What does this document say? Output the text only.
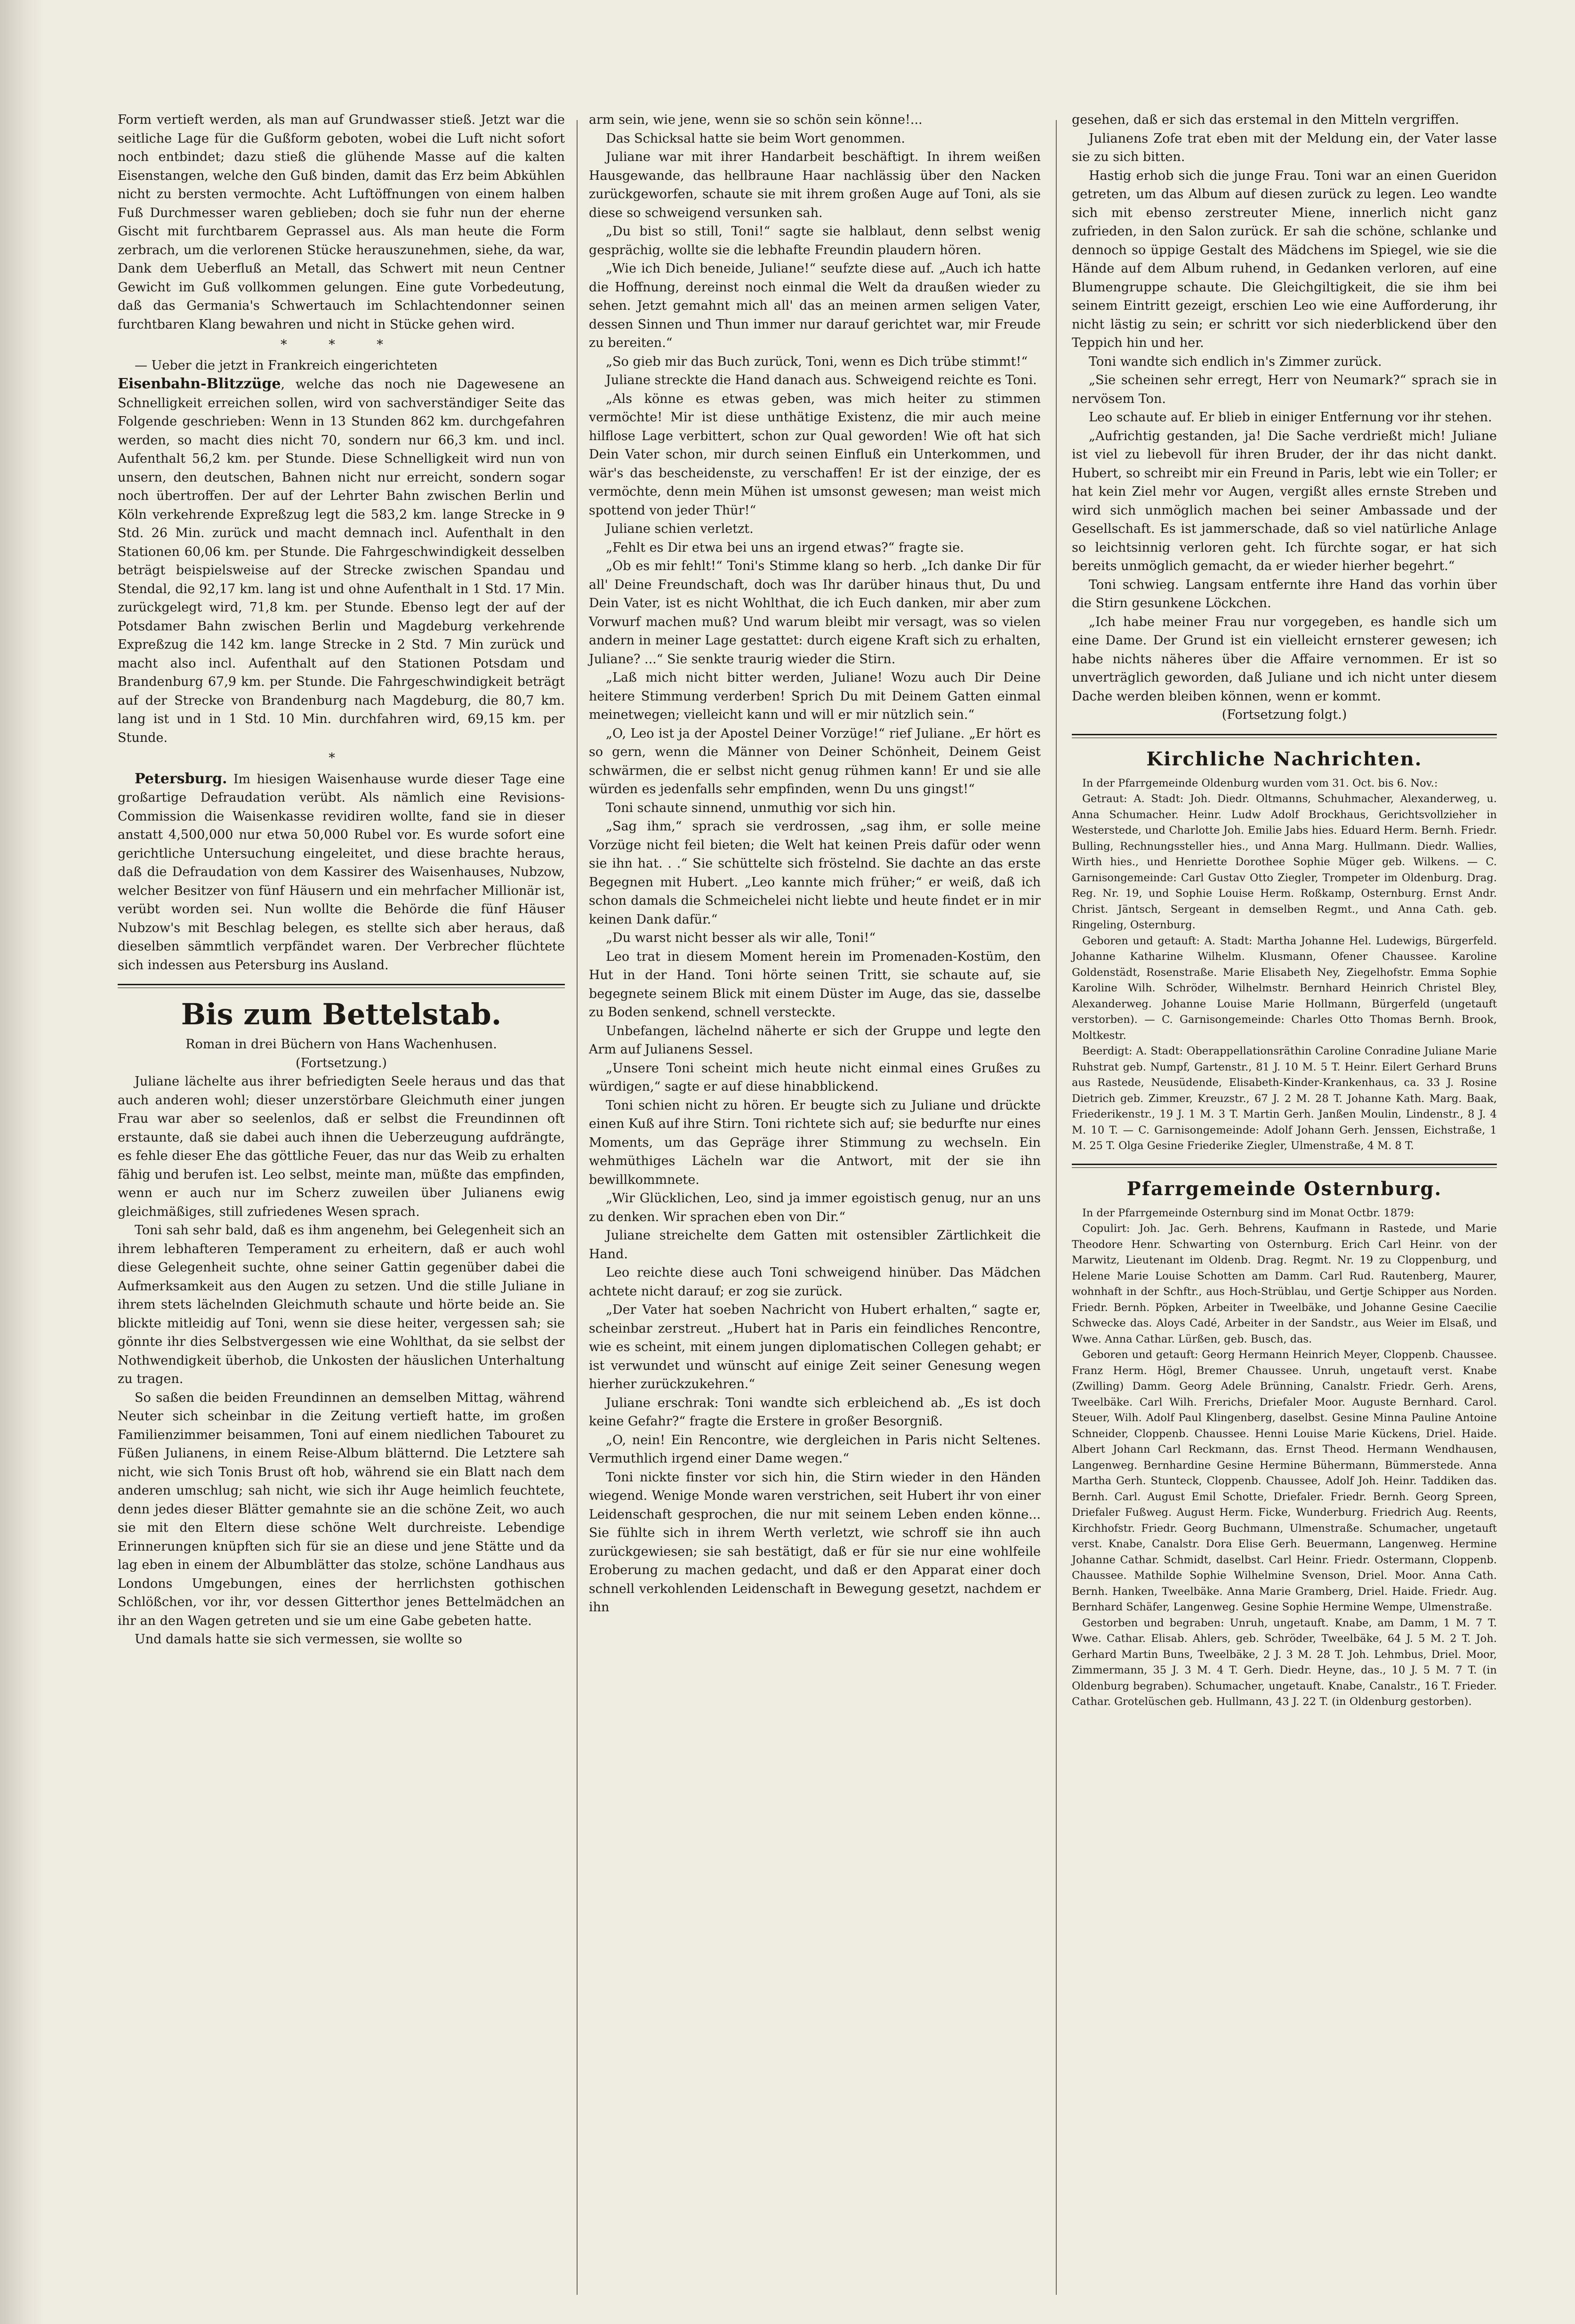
Form vertieft werden, als man auf Grundwasser stieß. Jetzt war die seitliche Lage für die Gußform geboten, wobei die Luft nicht sofort noch entbindet; dazu stieß die glühende Masse auf die kalten Eisenstangen, welche den Guß binden, damit das Erz beim Abkühlen nicht zu bersten vermochte. Acht Luftöffnungen von einem halben Fuß Durchmesser waren geblieben; doch sie fuhr nun der eherne Gischt mit furchtbarem Geprassel aus. Als man heute die Form zerbrach, um die verlorenen Stücke herauszunehmen, siehe, da war, Dank dem Ueberfluß an Metall, das Schwert mit neun Centner Gewicht im Guß vollkommen gelungen. Eine gute Vorbedeutung, daß das Germania's Schwertauch im Schlachtendonner seinen furchtbaren Klang bewahren und nicht in Stücke gehen wird.

* * *

— Ueber die jetzt in Frankreich eingerichteten
Eisenbahn-Blitzzüge, welche das noch nie Dagewesene an Schnelligkeit erreichen sollen, wird von sachverständiger Seite das Folgende geschrieben: Wenn in 13 Stunden 862 km. durchgefahren werden, so macht dies nicht 70, sondern nur 66,3 km. und incl. Aufenthalt 56,2 km. per Stunde. Diese Schnelligkeit wird nun von unsern, den deutschen, Bahnen nicht nur erreicht, sondern sogar noch übertroffen. Der auf der Lehrter Bahn zwischen Berlin und Köln verkehrende Expreßzug legt die 583,2 km. lange Strecke in 9 Std. 26 Min. zurück und macht demnach incl. Aufenthalt in den Stationen 60,06 km. per Stunde. Die Fahrgeschwindigkeit desselben beträgt beispielsweise auf der Strecke zwischen Spandau und Stendal, die 92,17 km. lang ist und ohne Aufenthalt in 1 Std. 17 Min. zurückgelegt wird, 71,8 km. per Stunde. Ebenso legt der auf der Potsdamer Bahn zwischen Berlin und Magdeburg verkehrende Expreßzug die 142 km. lange Strecke in 2 Std. 7 Min zurück und macht also incl. Aufenthalt auf den Stationen Potsdam und Brandenburg 67,9 km. per Stunde. Die Fahrgeschwindigkeit beträgt auf der Strecke von Brandenburg nach Magdeburg, die 80,7 km. lang ist und in 1 Std. 10 Min. durchfahren wird, 69,15 km. per Stunde.

*

Petersburg. Im hiesigen Waisenhause wurde dieser Tage eine großartige Defraudation verübt. Als nämlich eine Revisions-Commission die Waisenkasse revidiren wollte, fand sie in dieser anstatt 4,500,000 nur etwa 50,000 Rubel vor. Es wurde sofort eine gerichtliche Untersuchung eingeleitet, und diese brachte heraus, daß die Defraudation von dem Kassirer des Waisenhauses, Nubzow, welcher Besitzer von fünf Häusern und ein mehrfacher Millionär ist, verübt worden sei. Nun wollte die Behörde die fünf Häuser Nubzow's mit Beschlag belegen, es stellte sich aber heraus, daß dieselben sämmtlich verpfändet waren. Der Verbrecher flüchtete sich indessen aus Petersburg ins Ausland.

Bis zum Bettelstab.

Roman in drei Büchern von Hans Wachenhusen.

(Fortsetzung.)

Juliane lächelte aus ihrer befriedigten Seele heraus und das that auch anderen wohl; dieser unzerstörbare Gleichmuth einer jungen Frau war aber so seelenlos, daß er selbst die Freundinnen oft erstaunte, daß sie dabei auch ihnen die Ueberzeugung aufdrängte, es fehle dieser Ehe das göttliche Feuer, das nur das Weib zu erhalten fähig und berufen ist. Leo selbst, meinte man, müßte das empfinden, wenn er auch nur im Scherz zuweilen über Julianens ewig gleichmäßiges, still zufriedenes Wesen sprach.

Toni sah sehr bald, daß es ihm angenehm, bei Gelegenheit sich an ihrem lebhafteren Temperament zu erheitern, daß er auch wohl diese Gelegenheit suchte, ohne seiner Gattin gegenüber dabei die Aufmerksamkeit aus den Augen zu setzen. Und die stille Juliane in ihrem stets lächelnden Gleichmuth schaute und hörte beide an. Sie blickte mitleidig auf Toni, wenn sie diese heiter, vergessen sah; sie gönnte ihr dies Selbstvergessen wie eine Wohlthat, da sie selbst der Nothwendigkeit überhob, die Unkosten der häuslichen Unterhaltung zu tragen.

So saßen die beiden Freundinnen an demselben Mittag, während Neuter sich scheinbar in die Zeitung vertieft hatte, im großen Familienzimmer beisammen, Toni auf einem niedlichen Tabouret zu Füßen Julianens, in einem Reise-Album blätternd. Die Letztere sah nicht, wie sich Tonis Brust oft hob, während sie ein Blatt nach dem anderen umschlug; sah nicht, wie sich ihr Auge heimlich feuchtete, denn jedes dieser Blätter gemahnte sie an die schöne Zeit, wo auch sie mit den Eltern diese schöne Welt durchreiste. Lebendige Erinnerungen knüpften sich für sie an diese und jene Stätte und da lag eben in einem der Albumblätter das stolze, schöne Landhaus aus Londons Umgebungen, eines der herrlichsten gothischen Schlößchen, vor ihr, vor dessen Gitterthor jenes Bettelmädchen an ihr an den Wagen getreten und sie um eine Gabe gebeten hatte.

Und damals hatte sie sich vermessen, sie wollte so

arm sein, wie jene, wenn sie so schön sein könne!...

Das Schicksal hatte sie beim Wort genommen.

Juliane war mit ihrer Handarbeit beschäftigt. In ihrem weißen Hausgewande, das hellbraune Haar nachlässig über den Nacken zurückgeworfen, schaute sie mit ihrem großen Auge auf Toni, als sie diese so schweigend versunken sah.

„Du bist so still, Toni!“ sagte sie halblaut, denn selbst wenig gesprächig, wollte sie die lebhafte Freundin plaudern hören.

„Wie ich Dich beneide, Juliane!“ seufzte diese auf. „Auch ich hatte die Hoffnung, dereinst noch einmal die Welt da draußen wieder zu sehen. Jetzt gemahnt mich all' das an meinen armen seligen Vater, dessen Sinnen und Thun immer nur darauf gerichtet war, mir Freude zu bereiten.“

„So gieb mir das Buch zurück, Toni, wenn es Dich trübe stimmt!“

Juliane streckte die Hand danach aus. Schweigend reichte es Toni.

„Als könne es etwas geben, was mich heiter zu stimmen vermöchte! Mir ist diese unthätige Existenz, die mir auch meine hilflose Lage verbittert, schon zur Qual geworden! Wie oft hat sich Dein Vater schon, mir durch seinen Einfluß ein Unterkommen, und wär's das bescheidenste, zu verschaffen! Er ist der einzige, der es vermöchte, denn mein Mühen ist umsonst gewesen; man weist mich spottend von jeder Thür!“

Juliane schien verletzt.

„Fehlt es Dir etwa bei uns an irgend etwas?“ fragte sie.

„Ob es mir fehlt!“ Toni's Stimme klang so herb. „Ich danke Dir für all' Deine Freundschaft, doch was Ihr darüber hinaus thut, Du und Dein Vater, ist es nicht Wohlthat, die ich Euch danken, mir aber zum Vorwurf machen muß? Und warum bleibt mir versagt, was so vielen andern in meiner Lage gestattet: durch eigene Kraft sich zu erhalten, Juliane? ...“ Sie senkte traurig wieder die Stirn.

„Laß mich nicht bitter werden, Juliane! Wozu auch Dir Deine heitere Stimmung verderben! Sprich Du mit Deinem Gatten einmal meinetwegen; vielleicht kann und will er mir nützlich sein.“

„O, Leo ist ja der Apostel Deiner Vorzüge!“ rief Juliane. „Er hört es so gern, wenn die Männer von Deiner Schönheit, Deinem Geist schwärmen, die er selbst nicht genug rühmen kann! Er und sie alle würden es jedenfalls sehr empfinden, wenn Du uns gingst!“

Toni schaute sinnend, unmuthig vor sich hin.

„Sag ihm,“ sprach sie verdrossen, „sag ihm, er solle meine Vorzüge nicht feil bieten; die Welt hat keinen Preis dafür oder wenn sie ihn hat. . .“ Sie schüttelte sich fröstelnd. Sie dachte an das erste Begegnen mit Hubert. „Leo kannte mich früher;“ er weiß, daß ich schon damals die Schmeichelei nicht liebte und heute findet er in mir keinen Dank dafür.“

„Du warst nicht besser als wir alle, Toni!“

Leo trat in diesem Moment herein im Promenaden-Kostüm, den Hut in der Hand. Toni hörte seinen Tritt, sie schaute auf, sie begegnete seinem Blick mit einem Düster im Auge, das sie, dasselbe zu Boden senkend, schnell versteckte.

Unbefangen, lächelnd näherte er sich der Gruppe und legte den Arm auf Julianens Sessel.

„Unsere Toni scheint mich heute nicht einmal eines Grußes zu würdigen,“ sagte er auf diese hinabblickend.

Toni schien nicht zu hören. Er beugte sich zu Juliane und drückte einen Kuß auf ihre Stirn. Toni richtete sich auf; sie bedurfte nur eines Moments, um das Gepräge ihrer Stimmung zu wechseln. Ein wehmüthiges Lächeln war die Antwort, mit der sie ihn bewillkommnete.

„Wir Glücklichen, Leo, sind ja immer egoistisch genug, nur an uns zu denken. Wir sprachen eben von Dir.“

Juliane streichelte dem Gatten mit ostensibler Zärtlichkeit die Hand.

Leo reichte diese auch Toni schweigend hinüber. Das Mädchen achtete nicht darauf; er zog sie zurück.

„Der Vater hat soeben Nachricht von Hubert erhalten,“ sagte er, scheinbar zerstreut. „Hubert hat in Paris ein feindliches Rencontre, wie es scheint, mit einem jungen diplomatischen Collegen gehabt; er ist verwundet und wünscht auf einige Zeit seiner Genesung wegen hierher zurückzukehren.“

Juliane erschrak: Toni wandte sich erbleichend ab. „Es ist doch keine Gefahr?“ fragte die Erstere in großer Besorgniß.

„O, nein! Ein Rencontre, wie dergleichen in Paris nicht Seltenes. Vermuthlich irgend einer Dame wegen.“

Toni nickte finster vor sich hin, die Stirn wieder in den Händen wiegend. Wenige Monde waren verstrichen, seit Hubert ihr von einer Leidenschaft gesprochen, die nur mit seinem Leben enden könne... Sie fühlte sich in ihrem Werth verletzt, wie schroff sie ihn auch zurückgewiesen; sie sah bestätigt, daß er für sie nur eine wohlfeile Eroberung zu machen gedacht, und daß er den Apparat einer doch schnell verkohlenden Leidenschaft in Bewegung gesetzt, nachdem er ihn

gesehen, daß er sich das erstemal in den Mitteln vergriffen.

Julianens Zofe trat eben mit der Meldung ein, der Vater lasse sie zu sich bitten.

Hastig erhob sich die junge Frau. Toni war an einen Gueridon getreten, um das Album auf diesen zurück zu legen. Leo wandte sich mit ebenso zerstreuter Miene, innerlich nicht ganz zufrieden, in den Salon zurück. Er sah die schöne, schlanke und dennoch so üppige Gestalt des Mädchens im Spiegel, wie sie die Hände auf dem Album ruhend, in Gedanken verloren, auf eine Blumengruppe schaute. Die Gleichgiltigkeit, die sie ihm bei seinem Eintritt gezeigt, erschien Leo wie eine Aufforderung, ihr nicht lästig zu sein; er schritt vor sich niederblickend über den Teppich hin und her.

Toni wandte sich endlich in's Zimmer zurück.

„Sie scheinen sehr erregt, Herr von Neumark?“ sprach sie in nervösem Ton.

Leo schaute auf. Er blieb in einiger Entfernung vor ihr stehen.

„Aufrichtig gestanden, ja! Die Sache verdrießt mich! Juliane ist viel zu liebevoll für ihren Bruder, der ihr das nicht dankt. Hubert, so schreibt mir ein Freund in Paris, lebt wie ein Toller; er hat kein Ziel mehr vor Augen, vergißt alles ernste Streben und wird sich unmöglich machen bei seiner Ambassade und der Gesellschaft. Es ist jammerschade, daß so viel natürliche Anlage so leichtsinnig verloren geht. Ich fürchte sogar, er hat sich bereits unmöglich gemacht, da er wieder hierher begehrt.“

Toni schwieg. Langsam entfernte ihre Hand das vorhin über die Stirn gesunkene Löckchen.

„Ich habe meiner Frau nur vorgegeben, es handle sich um eine Dame. Der Grund ist ein vielleicht ernsterer gewesen; ich habe nichts näheres über die Affaire vernommen. Er ist so unverträglich geworden, daß Juliane und ich nicht unter diesem Dache werden bleiben können, wenn er kommt.

(Fortsetzung folgt.)

Kirchliche Nachrichten.

In der Pfarrgemeinde Oldenburg wurden vom 31. Oct. bis 6. Nov.:

Getraut: A. Stadt: Joh. Diedr. Oltmanns, Schuhmacher, Alexanderweg, u. Anna Schumacher. Heinr. Ludw Adolf Brockhaus, Gerichtsvollzieher in Westerstede, und Charlotte Joh. Emilie Jabs hies. Eduard Herm. Bernh. Friedr. Bulling, Rechnungssteller hies., und Anna Marg. Hullmann. Diedr. Wallies, Wirth hies., und Henriette Dorothee Sophie Müger geb. Wilkens. — C. Garnisongemeinde: Carl Gustav Otto Ziegler, Trompeter im Oldenburg. Drag. Reg. Nr. 19, und Sophie Louise Herm. Roßkamp, Osternburg. Ernst Andr. Christ. Jäntsch, Sergeant in demselben Regmt., und Anna Cath. geb. Ringeling, Osternburg.

Geboren und getauft: A. Stadt: Martha Johanne Hel. Ludewigs, Bürgerfeld. Johanne Katharine Wilhelm. Klusmann, Ofener Chaussee. Karoline Goldenstädt, Rosenstraße. Marie Elisabeth Ney, Ziegelhofstr. Emma Sophie Karoline Wilh. Schröder, Wilhelmstr. Bernhard Heinrich Christel Bley, Alexanderweg. Johanne Louise Marie Hollmann, Bürgerfeld (ungetauft verstorben). — C. Garnisongemeinde: Charles Otto Thomas Bernh. Brook, Moltkestr.

Beerdigt: A. Stadt: Oberappellationsräthin Caroline Conradine Juliane Marie Ruhstrat geb. Numpf, Gartenstr., 81 J. 10 M. 5 T. Heinr. Eilert Gerhard Bruns aus Rastede, Neusüdende, Elisabeth-Kinder-Krankenhaus, ca. 33 J. Rosine Dietrich geb. Zimmer, Kreuzstr., 67 J. 2 M. 28 T. Johanne Kath. Marg. Baak, Friederikenstr., 19 J. 1 M. 3 T. Martin Gerh. Janßen Moulin, Lindenstr., 8 J. 4 M. 10 T. — C. Garnisongemeinde: Adolf Johann Gerh. Jenssen, Eichstraße, 1 M. 25 T. Olga Gesine Friederike Ziegler, Ulmenstraße, 4 M. 8 T.

Pfarrgemeinde Osternburg.

In der Pfarrgemeinde Osternburg sind im Monat Octbr. 1879:

Copulirt: Joh. Jac. Gerh. Behrens, Kaufmann in Rastede, und Marie Theodore Henr. Schwarting von Osternburg. Erich Carl Heinr. von der Marwitz, Lieutenant im Oldenb. Drag. Regmt. Nr. 19 zu Cloppenburg, und Helene Marie Louise Schotten am Damm. Carl Rud. Rautenberg, Maurer, wohnhaft in der Schftr., aus Hoch-Strüblau, und Gertje Schipper aus Norden. Friedr. Bernh. Pöpken, Arbeiter in Tweelbäke, und Johanne Gesine Caecilie Schwecke das. Aloys Cadé, Arbeiter in der Sandstr., aus Weier im Elsaß, und Wwe. Anna Cathar. Lürßen, geb. Busch, das.

Geboren und getauft: Georg Hermann Heinrich Meyer, Cloppenb. Chaussee. Franz Herm. Högl, Bremer Chaussee. Unruh, ungetauft verst. Knabe (Zwilling) Damm. Georg Adele Brünning, Canalstr. Friedr. Gerh. Arens, Tweelbäke. Carl Wilh. Frerichs, Driefaler Moor. Auguste Bernhard. Carol. Steuer, Wilh. Adolf Paul Klingenberg, daselbst. Gesine Minna Pauline Antoine Schneider, Cloppenb. Chaussee. Henni Louise Marie Kückens, Driel. Haide. Albert Johann Carl Reckmann, das. Ernst Theod. Hermann Wendhausen, Langenweg. Bernhardine Gesine Hermine Bühermann, Bümmerstede. Anna Martha Gerh. Stunteck, Cloppenb. Chaussee, Adolf Joh. Heinr. Taddiken das. Bernh. Carl. August Emil Schotte, Driefaler. Friedr. Bernh. Georg Spreen, Driefaler Fußweg. August Herm. Ficke, Wunderburg. Friedrich Aug. Reents, Kirchhofstr. Friedr. Georg Buchmann, Ulmenstraße. Schumacher, ungetauft verst. Knabe, Canalstr. Dora Elise Gerh. Beuermann, Langenweg. Hermine Johanne Cathar. Schmidt, daselbst. Carl Heinr. Friedr. Ostermann, Cloppenb. Chaussee. Mathilde Sophie Wilhelmine Svenson, Driel. Moor. Anna Cath. Bernh. Hanken, Tweelbäke. Anna Marie Gramberg, Driel. Haide. Friedr. Aug. Bernhard Schäfer, Langenweg. Gesine Sophie Hermine Wempe, Ulmenstraße.

Gestorben und begraben: Unruh, ungetauft. Knabe, am Damm, 1 M. 7 T. Wwe. Cathar. Elisab. Ahlers, geb. Schröder, Tweelbäke, 64 J. 5 M. 2 T. Joh. Gerhard Martin Buns, Tweelbäke, 2 J. 3 M. 28 T. Joh. Lehmbus, Driel. Moor, Zimmermann, 35 J. 3 M. 4 T. Gerh. Diedr. Heyne, das., 10 J. 5 M. 7 T. (in Oldenburg begraben). Schumacher, ungetauft. Knabe, Canalstr., 16 T. Frieder. Cathar. Grotelüschen geb. Hullmann, 43 J. 22 T. (in Oldenburg gestorben).
